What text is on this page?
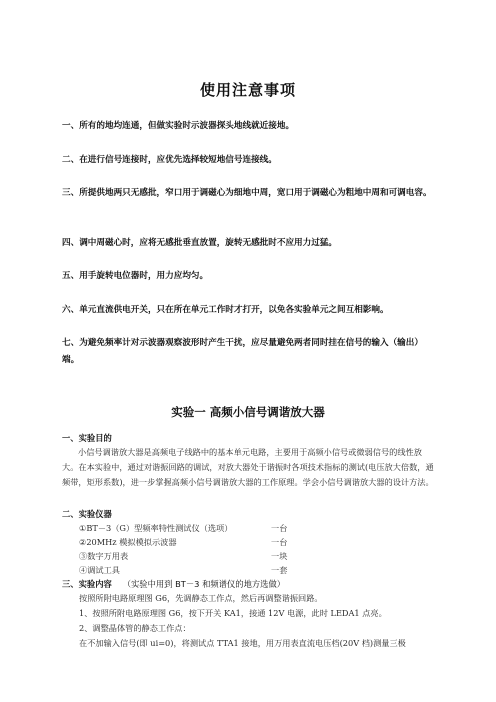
使用注意事项
一、所有的地均连通，但做实验时示波器探头地线就近接地。
二、在进行信号连接时，应优先选择较短地信号连接线。
三、所提供地两只无感批，窄口用于调磁心为细地中周，宽口用于调磁心为粗地中周和可调电容。
四、调中周磁心时，应将无感批垂直放置，旋转无感批时不应用力过猛。
五、用手旋转电位器时，用力应均匀。
六、单元直流供电开关，只在所在单元工作时才打开，以免各实验单元之间互相影响。
七、为避免频率计对示波器观察波形时产生干扰，应尽量避免两者同时挂在信号的输入（输出）端。
实验一 高频小信号调谐放大器
一、实验目的
小信号调谐放大器是高频电子线路中的基本单元电路，主要用于高频小信号或微弱信号的线性放大。在本实验中，通过对谐振回路的调试，对放大器处于谐振时各项技术指标的测试(电压放大倍数，通频带，矩形系数)，进一步掌握高频小信号调谐放大器的工作原理。学会小信号调谐放大器的设计方法。
二、实验仪器
①BT－3（G）型频率特性测试仪（选项）	一台
②20MHz 模拟模拟示波器	一台
③数字万用表	一块
④调试工具	一套
三、实验内容 （实验中用到 BT－3 和频谱仪的地方选做）
按照所附电路原理图 G6，先调静态工作点，然后再调整谐振回路。
1、按照所附电路原理图 G6，按下开关 KA1，接通 12V 电源，此时 LEDA1 点亮。
2、调整晶体管的静态工作点：
在不加输入信号(即 ui=0)，将测试点 TTA1 接地，用万用表直流电压档(20V 档)测量三极
